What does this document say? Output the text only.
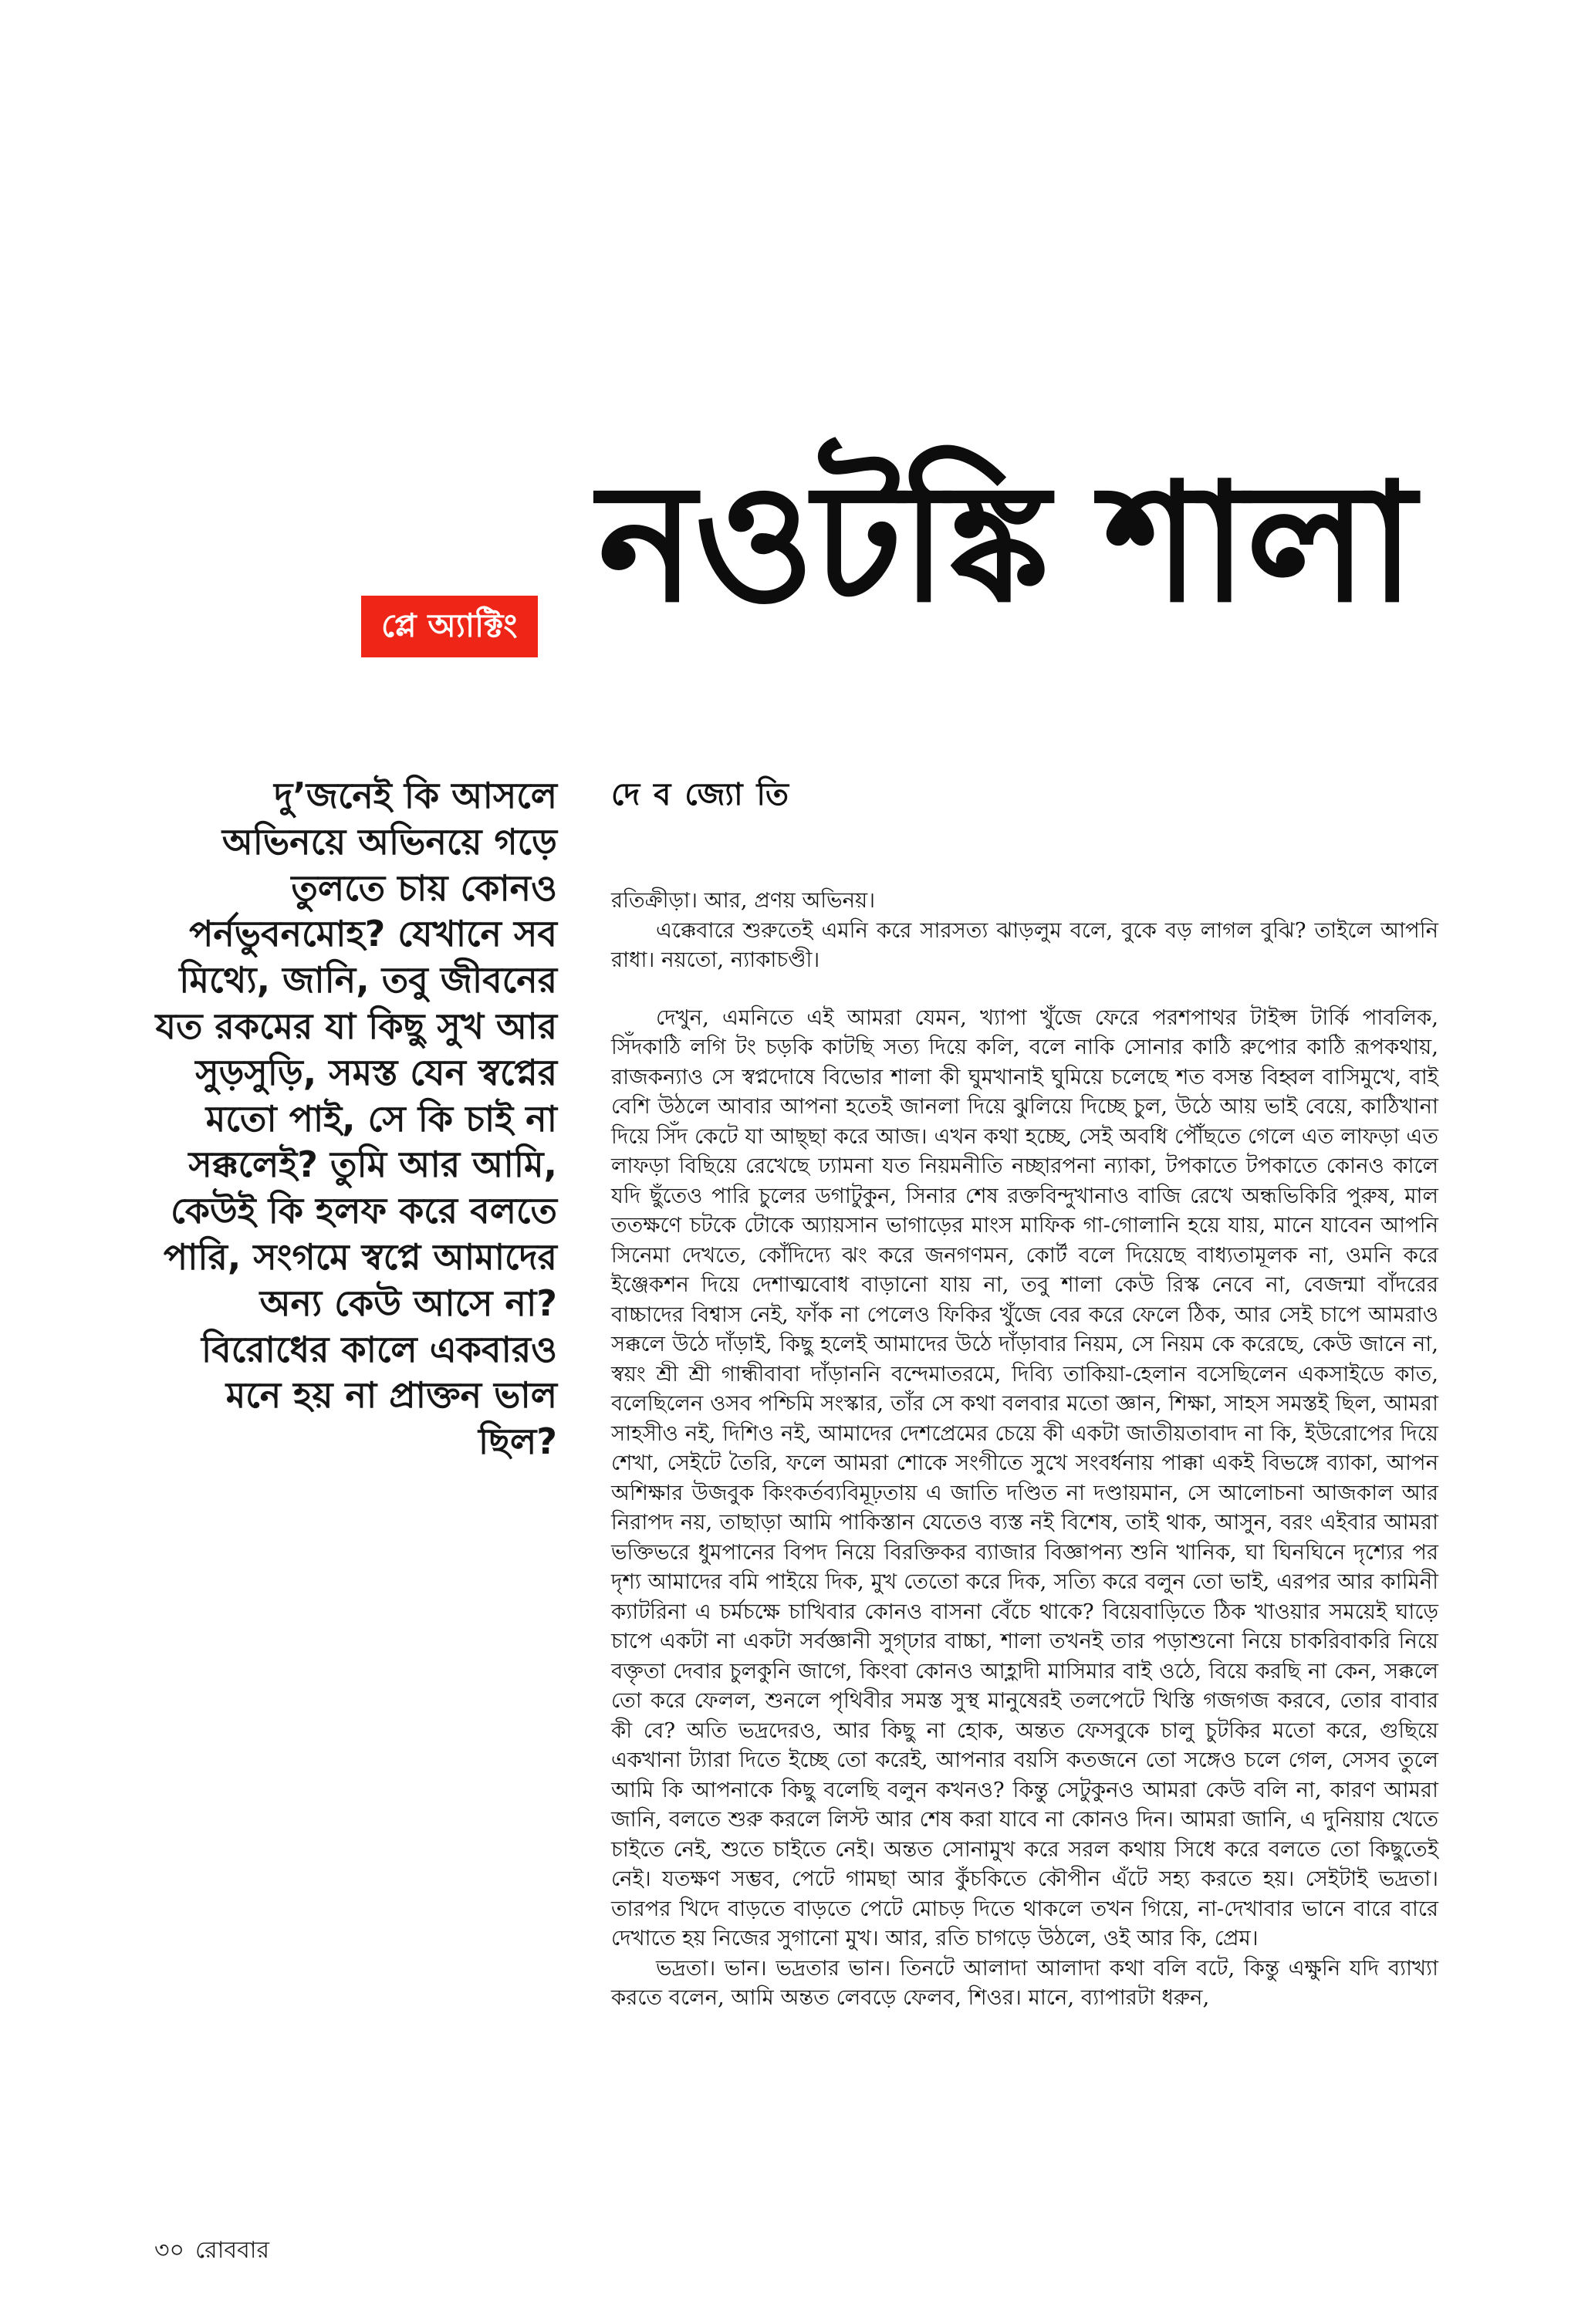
প্লে অ্যাক্টিং নওটঙ্কি শালা
দু’জনেই কি আসলে অভিনয়ে অভিনয়ে গড়ে তুলতে চায় কোনও পর্নভুবনমোহ? যেখানে সব মিথ্যে, জানি, তবু জীবনের যত রকমের যা কিছু সুখ আর সুড়সুড়ি, সমস্ত যেন স্বপ্নের মতো পাই, সে কি চাই না সক্কলেই? তুমি আর আমি, কেউই কি হলফ করে বলতে পারি, সংগমে স্বপ্নে আমাদের অন্য কেউ আসে না? বিরোধের কালে একবারও মনে হয় না প্রাক্তন ভাল ছিল?
দে ব জ্যো তি

রতিক্রীড়া। আর, প্রণয় অভিনয়।

এক্কেবারে শুরুতেই এমনি করে সারসত্য ঝাড়লুম বলে, বুকে বড় লাগল বুঝি? তাইলে আপনি রাধা। নয়তো, ন্যাকাচণ্ডী।

দেখুন, এমনিতে এই আমরা যেমন, খ্যাপা খুঁজে ফেরে পরশপাথর টাইপ্স টার্কি পাবলিক, সিঁদকাঠি লগি টং চড়কি কাটছি সত্য দিয়ে কলি, বলে নাকি সোনার কাঠি রুপোর কাঠি রূপকথায়, রাজকন্যাও সে স্বপ্নদোষে বিভোর শালা কী ঘুমখানাই ঘুমিয়ে চলেছে শত বসন্ত বিহ্বল বাসিমুখে, বাই বেশি উঠলে আবার আপনা হতেই জানলা দিয়ে ঝুলিয়ে দিচ্ছে চুল, উঠে আয় ভাই বেয়ে, কাঠিখানা দিয়ে সিঁদ কেটে যা আছ্ছা করে আজ। এখন কথা হচ্ছে, সেই অবধি পৌঁছতে গেলে এত লাফড়া এত লাফড়া বিছিয়ে রেখেছে ঢ্যামনা যত নিয়মনীতি নচ্ছারপনা ন্যাকা, টপকাতে টপকাতে কোনও কালে যদি ছুঁতেও পারি চুলের ডগাটুকুন, সিনার শেষ রক্তবিন্দুখানাও বাজি রেখে অন্ধভিকিরি পুরুষ, মাল ততক্ষণে চটকে টোকে অ্যায়সান ভাগাড়ের মাংস মাফিক গা-গোলানি হয়ে যায়, মানে যাবেন আপনি সিনেমা দেখতে, কোঁদিদ্যে ঝং করে জনগণমন, কোর্ট বলে দিয়েছে বাধ্যতামূলক না, ওমনি করে ইঞ্জেকশন দিয়ে দেশাত্মবোধ বাড়ানো যায় না, তবু শালা কেউ রিস্ক নেবে না, বেজন্মা বাঁদরের বাচ্চাদের বিশ্বাস নেই, ফাঁক না পেলেও ফিকির খুঁজে বের করে ফেলে ঠিক, আর সেই চাপে আমরাও সক্কলে উঠে দাঁড়াই, কিছু হলেই আমাদের উঠে দাঁড়াবার নিয়ম, সে নিয়ম কে করেছে, কেউ জানে না, স্বয়ং শ্রী শ্রী গান্ধীবাবা দাঁড়াননি বন্দেমাতরমে, দিব্যি তাকিয়া-হেলান বসেছিলেন একসাইডে কাত, বলেছিলেন ওসব পশ্চিমি সংস্কার, তাঁর সে কথা বলবার মতো জ্ঞান, শিক্ষা, সাহস সমস্তই ছিল, আমরা সাহসীও নই, দিশিও নই, আমাদের দেশপ্রেমের চেয়ে কী একটা জাতীয়তাবাদ না কি, ইউরোপের দিয়ে শেখা, সেইটে তৈরি, ফলে আমরা শোকে সংগীতে সুখে সংবর্ধনায় পাক্কা একই বিভঙ্গে ব্যাকা, আপন অশিক্ষার উজবুক কিংকর্তব্যবিমূঢ়তায় এ জাতি দণ্ডিত না দণ্ডায়মান, সে আলোচনা আজকাল আর নিরাপদ নয়, তাছাড়া আমি পাকিস্তান যেতেও ব্যস্ত নই বিশেষ, তাই থাক, আসুন, বরং এইবার আমরা ভক্তিভরে ধুমপানের বিপদ নিয়ে বিরক্তিকর ব্যাজার বিজ্ঞাপন্য শুনি খানিক, ঘা ঘিনঘিনে দৃশ্যের পর দৃশ্য আমাদের বমি পাইয়ে দিক, মুখ তেতো করে দিক, সত্যি করে বলুন তো ভাই, এরপর আর কামিনী ক্যাটরিনা এ চর্মচক্ষে চাখিবার কোনও বাসনা বেঁচে থাকে? বিয়েবাড়িতে ঠিক খাওয়ার সময়েই ঘাড়ে চাপে একটা না একটা সর্বজ্ঞানী সুগ্ঢার বাচ্চা, শালা তখনই তার পড়াশুনো নিয়ে চাকরিবাকরি নিয়ে বক্তৃতা দেবার চুলকুনি জাগে, কিংবা কোনও আহ্লাদী মাসিমার বাই ওঠে, বিয়ে করছি না কেন, সক্কলে তো করে ফেলল, শুনলে পৃথিবীর সমস্ত সুস্থ মানুষেরই তলপেটে খিস্তি গজগজ করবে, তোর বাবার কী বে? অতি ভদ্রদেরও, আর কিছু না হোক, অন্তত ফেসবুকে চালু চুটকির মতো করে, গুছিয়ে একখানা ট্যারা দিতে ইচ্ছে তো করেই, আপনার বয়সি কতজনে তো সঙ্গেও চলে গেল, সেসব তুলে আমি কি আপনাকে কিছু বলেছি বলুন কখনও? কিন্তু সেটুকুনও আমরা কেউ বলি না, কারণ আমরা জানি, বলতে শুরু করলে লিস্ট আর শেষ করা যাবে না কোনও দিন। আমরা জানি, এ দুনিয়ায় খেতে চাইতে নেই, শুতে চাইতে নেই। অন্তত সোনামুখ করে সরল কথায় সিধে করে বলতে তো কিছুতেই নেই। যতক্ষণ সম্ভব, পেটে গামছা আর কুঁচকিতে কৌপীন এঁটে সহ্য করতে হয়। সেইটাই ভদ্রতা। তারপর খিদে বাড়তে বাড়তে পেটে মোচড় দিতে থাকলে তখন গিয়ে, না-দেখাবার ভানে বারে বারে দেখাতে হয় নিজের সুগানো মুখ। আর, রতি চাগড়ে উঠলে, ওই আর কি, প্রেম।

ভদ্রতা। ভান। ভদ্রতার ভান। তিনটে আলাদা আলাদা কথা বলি বটে, কিন্তু এক্ষুনি যদি ব্যাখ্যা করতে বলেন, আমি অন্তত লেবড়ে ফেলব, শিওর। মানে, ব্যাপারটা ধরুন,

৩০ রোববার
